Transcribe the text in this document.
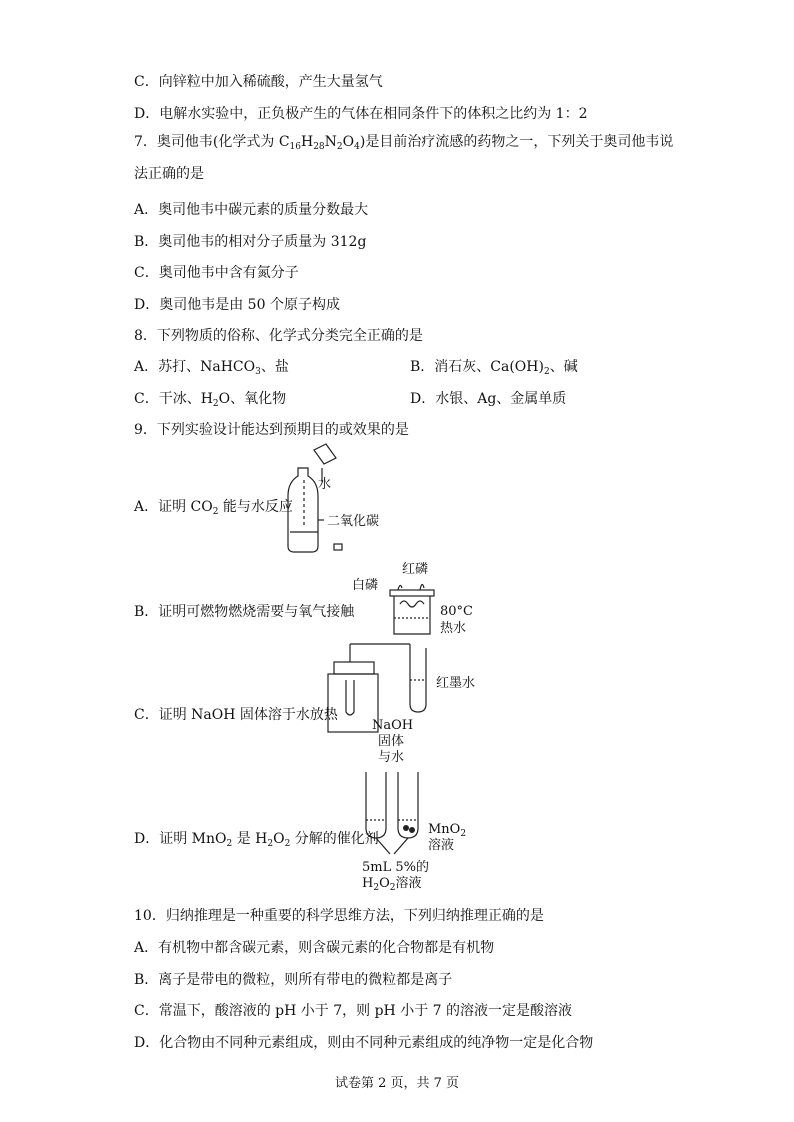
C．向锌粒中加入稀硫酸，产生大量氢气
D．电解水实验中，正负极产生的气体在相同条件下的体积之比约为 1：2
A．奥司他韦中碳元素的质量分数最大
B．奥司他韦的相对分子质量为 312g
C．奥司他韦中含有氮分子
D．奥司他韦是由 50 个原子构成
8．下列物质的俗称、化学式分类完全正确的是
9．下列实验设计能达到预期目的或效果的是
B．证明可燃物燃烧需要与氧气接触
10．归纳推理是一种重要的科学思维方法，下列归纳推理正确的是
A．有机物中都含碳元素，则含碳元素的化合物都是有机物
B．离子是带电的微粒，则所有带电的微粒都是离子
C．常温下，酸溶液的 pH 小于 7，则 pH 小于 7 的溶液一定是酸溶液
D．化合物由不同种元素组成，则由不同种元素组成的纯净物一定是化合物
7．奥司他韦(化学式为 $C_{16}H_{28}N_2O_4$)是目前治疗流感的药物之一，下列关于奥司他韦说
法正确的是
A．苏打、NaHCO$_3$、盐	B．消石灰、$Ca(OH)_2$、碱
C．干冰、$H_2O$、氧化物	D．水银、Ag、金属单质
A．证明 $CO_2$ 能与水反应
C．证明 NaOH 固体溶于水放热
D．证明 MnO$_2$ 是 $H_2O_2$ 分解的催化剂
水
二氧化碳
白磷
红磷
80°C
热水
红墨水
NaOH
固体
与水
MnO$_2$
溶液
5mL 5%的
$H_2O_2$溶液
试卷第 2 页，共 7 页
